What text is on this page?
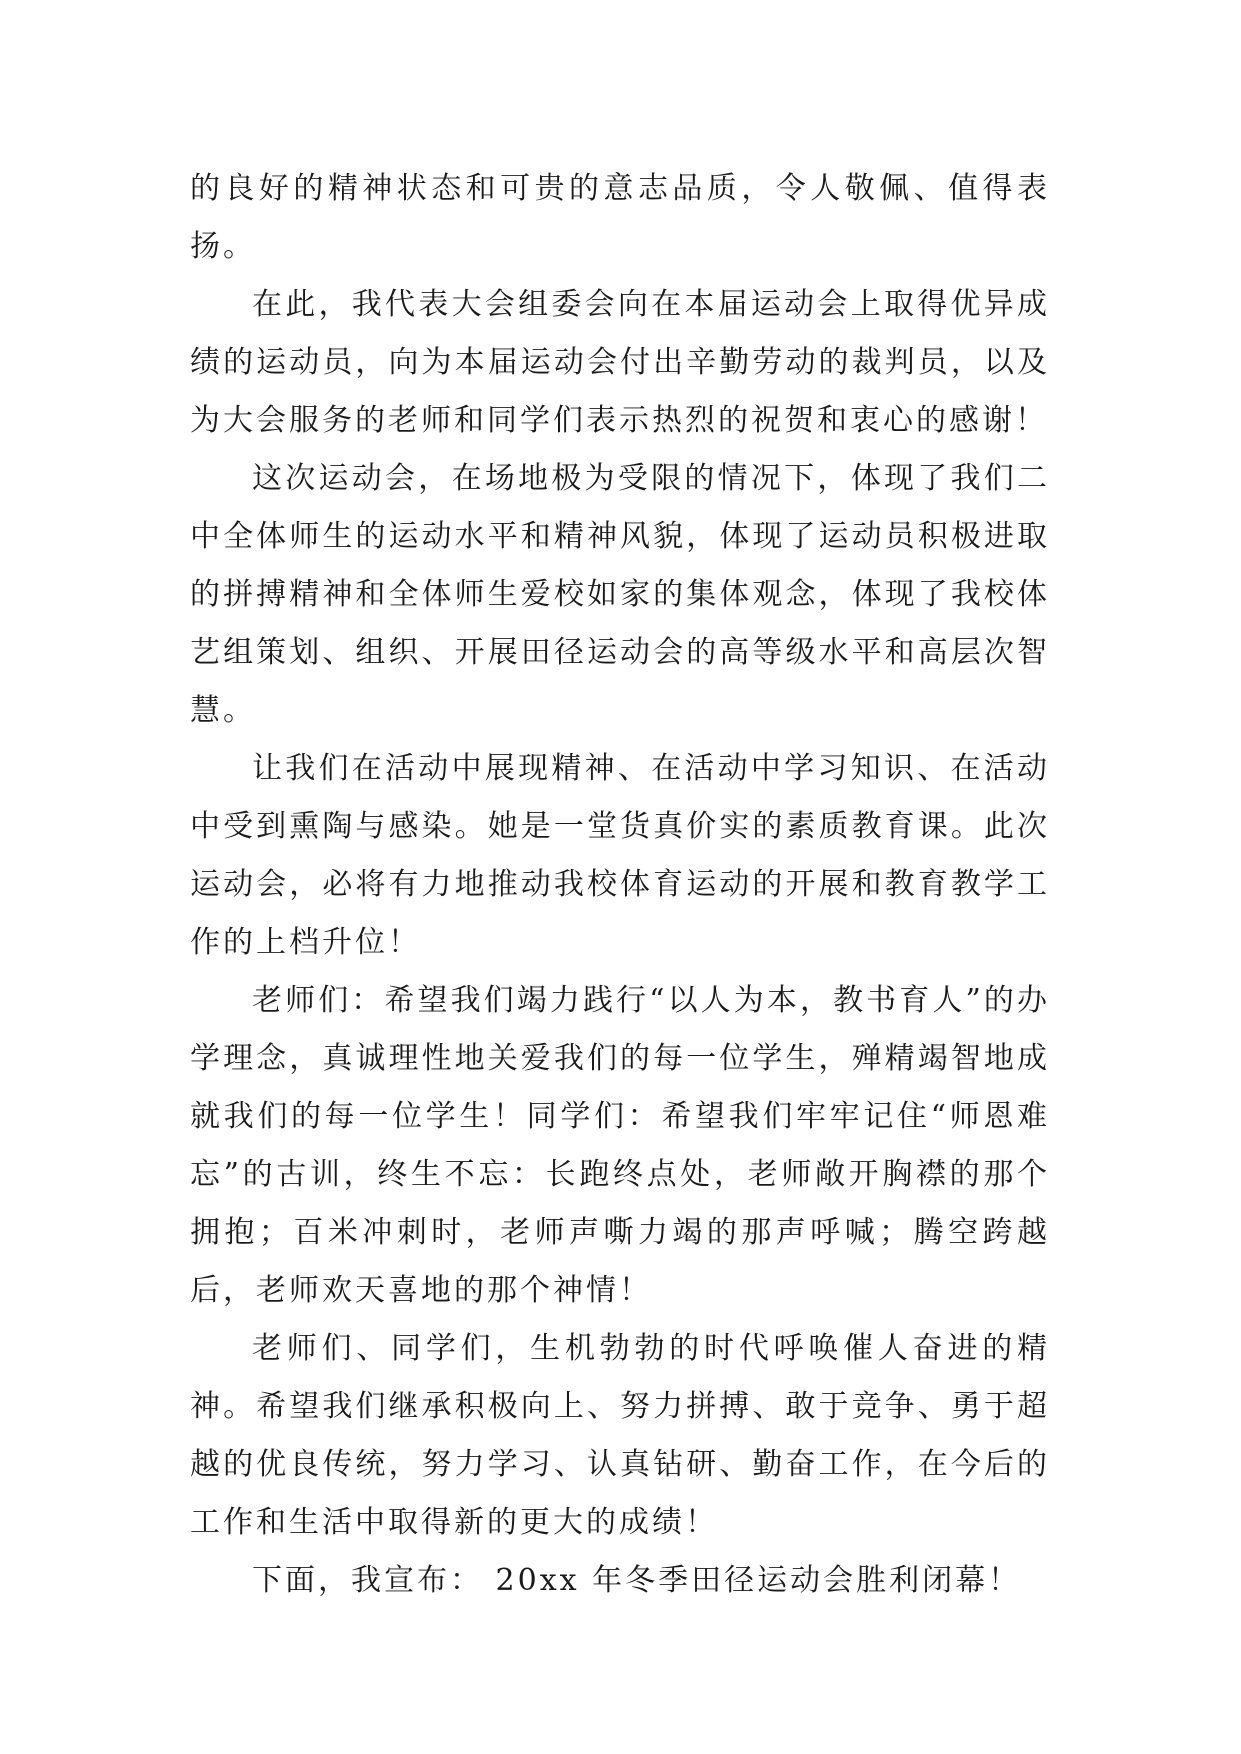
的良好的精神状态和可贵的意志品质，令人敬佩、值得表扬。

在此，我代表大会组委会向在本届运动会上取得优异成绩的运动员，向为本届运动会付出辛勤劳动的裁判员，以及为大会服务的老师和同学们表示热烈的祝贺和衷心的感谢！

这次运动会，在场地极为受限的情况下，体现了我们二中全体师生的运动水平和精神风貌，体现了运动员积极进取的拼搏精神和全体师生爱校如家的集体观念，体现了我校体艺组策划、组织、开展田径运动会的高等级水平和高层次智慧。

让我们在活动中展现精神、在活动中学习知识、在活动中受到熏陶与感染。她是一堂货真价实的素质教育课。此次运动会，必将有力地推动我校体育运动的开展和教育教学工作的上档升位！

老师们：希望我们竭力践行“以人为本，教书育人”的办学理念，真诚理性地关爱我们的每一位学生，殚精竭智地成就我们的每一位学生！同学们：希望我们牢牢记住“师恩难忘”的古训，终生不忘：长跑终点处，老师敞开胸襟的那个拥抱；百米冲刺时，老师声嘶力竭的那声呼喊；腾空跨越后，老师欢天喜地的那个神情！

老师们、同学们，生机勃勃的时代呼唤催人奋进的精神。希望我们继承积极向上、努力拼搏、敢于竞争、勇于超越的优良传统，努力学习、认真钻研、勤奋工作，在今后的工作和生活中取得新的更大的成绩！

下面，我宣布： 20xx 年冬季田径运动会胜利闭幕！
